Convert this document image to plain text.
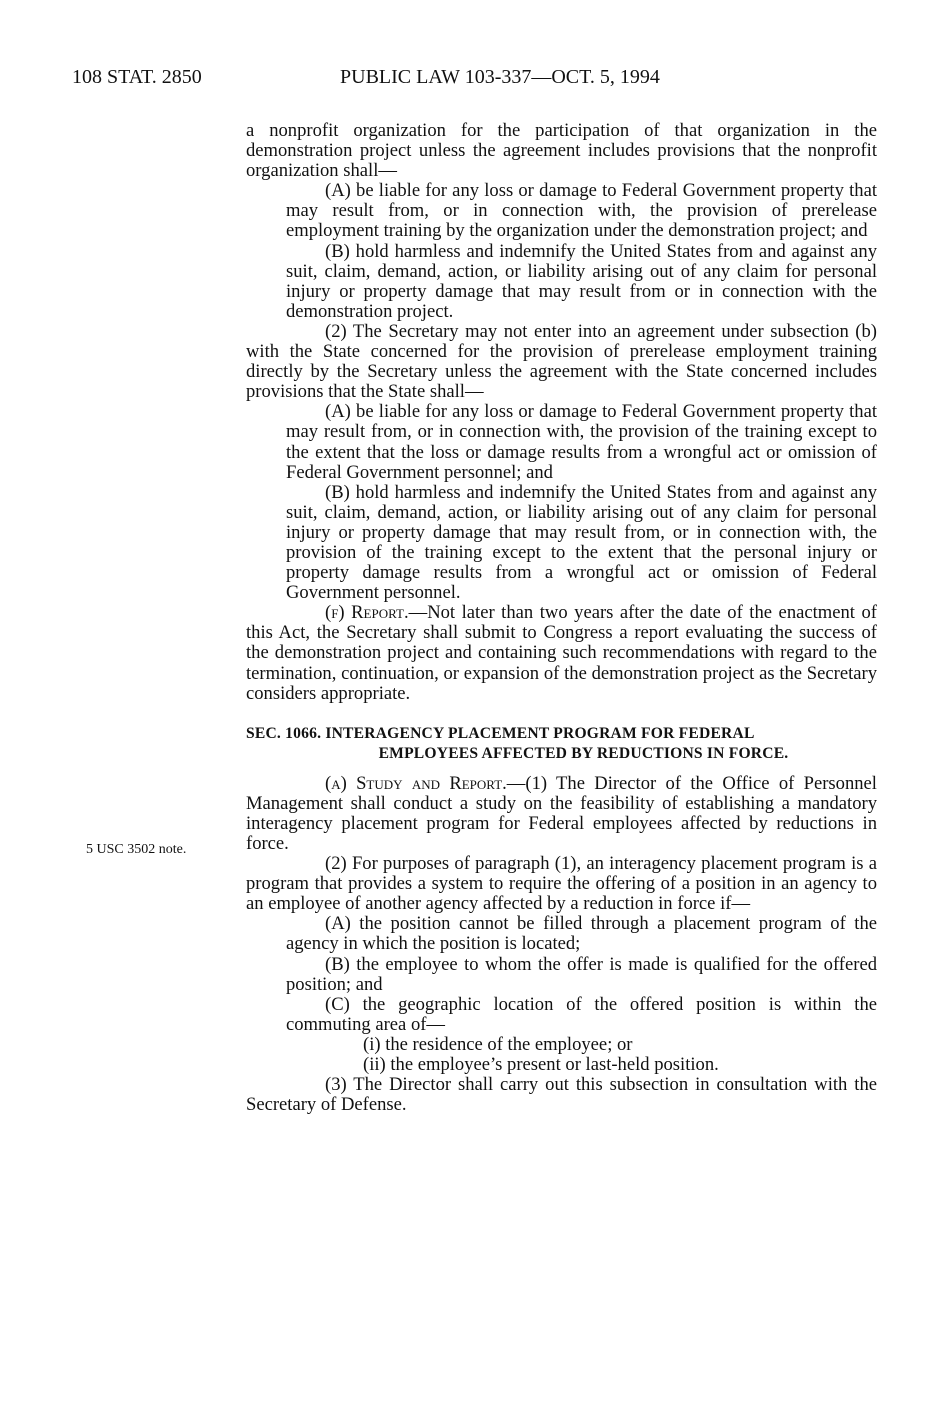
108 STAT. 2850	PUBLIC LAW 103-337—OCT. 5, 1994
5 USC 3502 note.

a nonprofit organization for the participation of that organization in the demonstration project unless the agreement includes provisions that the nonprofit organization shall—

(A) be liable for any loss or damage to Federal Government property that may result from, or in connection with, the provision of prerelease employment training by the organization under the demonstration project; and

(B) hold harmless and indemnify the United States from and against any suit, claim, demand, action, or liability arising out of any claim for personal injury or property damage that may result from or in connection with the demonstration project.

(2) The Secretary may not enter into an agreement under subsection (b) with the State concerned for the provision of prerelease employment training directly by the Secretary unless the agreement with the State concerned includes provisions that the State shall—

(A) be liable for any loss or damage to Federal Government property that may result from, or in connection with, the provision of the training except to the extent that the loss or damage results from a wrongful act or omission of Federal Government personnel; and

(B) hold harmless and indemnify the United States from and against any suit, claim, demand, action, or liability arising out of any claim for personal injury or property damage that may result from, or in connection with, the provision of the training except to the extent that the personal injury or property damage results from a wrongful act or omission of Federal Government personnel.

(f) Report.—Not later than two years after the date of the enactment of this Act, the Secretary shall submit to Congress a report evaluating the success of the demonstration project and containing such recommendations with regard to the termination, continuation, or expansion of the demonstration project as the Secretary considers appropriate.

SEC. 1066. INTERAGENCY PLACEMENT PROGRAM FOR FEDERAL
EMPLOYEES AFFECTED BY REDUCTIONS IN FORCE.

(a) Study and Report.—(1) The Director of the Office of Personnel Management shall conduct a study on the feasibility of establishing a mandatory interagency placement program for Federal employees affected by reductions in force.

(2) For purposes of paragraph (1), an interagency placement program is a program that provides a system to require the offering of a position in an agency to an employee of another agency affected by a reduction in force if—

(A) the position cannot be filled through a placement program of the agency in which the position is located;

(B) the employee to whom the offer is made is qualified for the offered position; and

(C) the geographic location of the offered position is within the commuting area of—

(i) the residence of the employee; or

(ii) the employee’s present or last-held position.

(3) The Director shall carry out this subsection in consultation with the Secretary of Defense.
